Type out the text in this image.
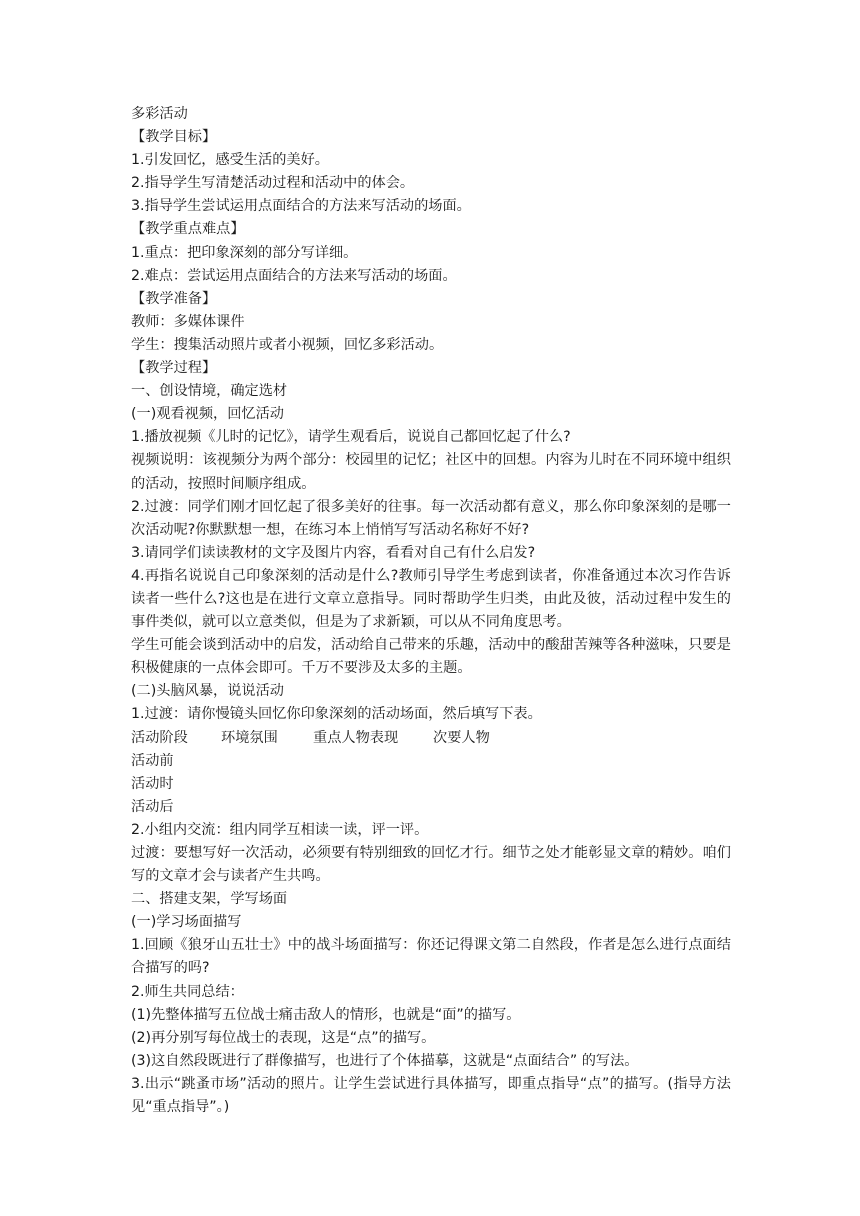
多彩活动
【教学目标】
1.引发回忆，感受生活的美好。
2.指导学生写清楚活动过程和活动中的体会。
3.指导学生尝试运用点面结合的方法来写活动的场面。
【教学重点难点】
1.重点：把印象深刻的部分写详细。
2.难点：尝试运用点面结合的方法来写活动的场面。
【教学准备】
教师：多媒体课件
学生：搜集活动照片或者小视频，回忆多彩活动。
【教学过程】
一、创设情境，确定选材
(一)观看视频，回忆活动
1.播放视频《儿时的记忆》，请学生观看后，说说自己都回忆起了什么?
视频说明：该视频分为两个部分：校园里的记忆；社区中的回想。内容为儿时在不同环境中组织的活动，按照时间顺序组成。
2.过渡：同学们刚才回忆起了很多美好的往事。每一次活动都有意义，那么你印象深刻的是哪一次活动呢?你默默想一想，在练习本上悄悄写写活动名称好不好?
3.请同学们读读教材的文字及图片内容，看看对自己有什么启发?
4.再指名说说自己印象深刻的活动是什么?教师引导学生考虑到读者，你准备通过本次习作告诉读者一些什么?这也是在进行文章立意指导。同时帮助学生归类，由此及彼，活动过程中发生的事件类似，就可以立意类似，但是为了求新颖，可以从不同角度思考。
学生可能会谈到活动中的启发，活动给自己带来的乐趣，活动中的酸甜苦辣等各种滋味，只要是积极健康的一点体会即可。千万不要涉及太多的主题。
(二)头脑风暴，说说活动
1.过渡：请你慢镜头回忆你印象深刻的活动场面，然后填写下表。
活动阶段	环境氛围	重点人物表现	次要人物
活动前
活动时
活动后
2.小组内交流：组内同学互相读一读，评一评。
过渡：要想写好一次活动，必须要有特别细致的回忆才行。细节之处才能彰显文章的精妙。咱们写的文章才会与读者产生共鸣。
二、搭建支架，学写场面
(一)学习场面描写
1.回顾《狼牙山五壮士》中的战斗场面描写：你还记得课文第二自然段，作者是怎么进行点面结合描写的吗?
2.师生共同总结：
(1)先整体描写五位战士痛击敌人的情形，也就是“面”的描写。
(2)再分别写每位战士的表现，这是“点”的描写。
(3)这自然段既进行了群像描写，也进行了个体描摹，这就是“点面结合” 的写法。
3.出示“跳蚤市场”活动的照片。让学生尝试进行具体描写，即重点指导“点”的描写。(指导方法见“重点指导”。)
